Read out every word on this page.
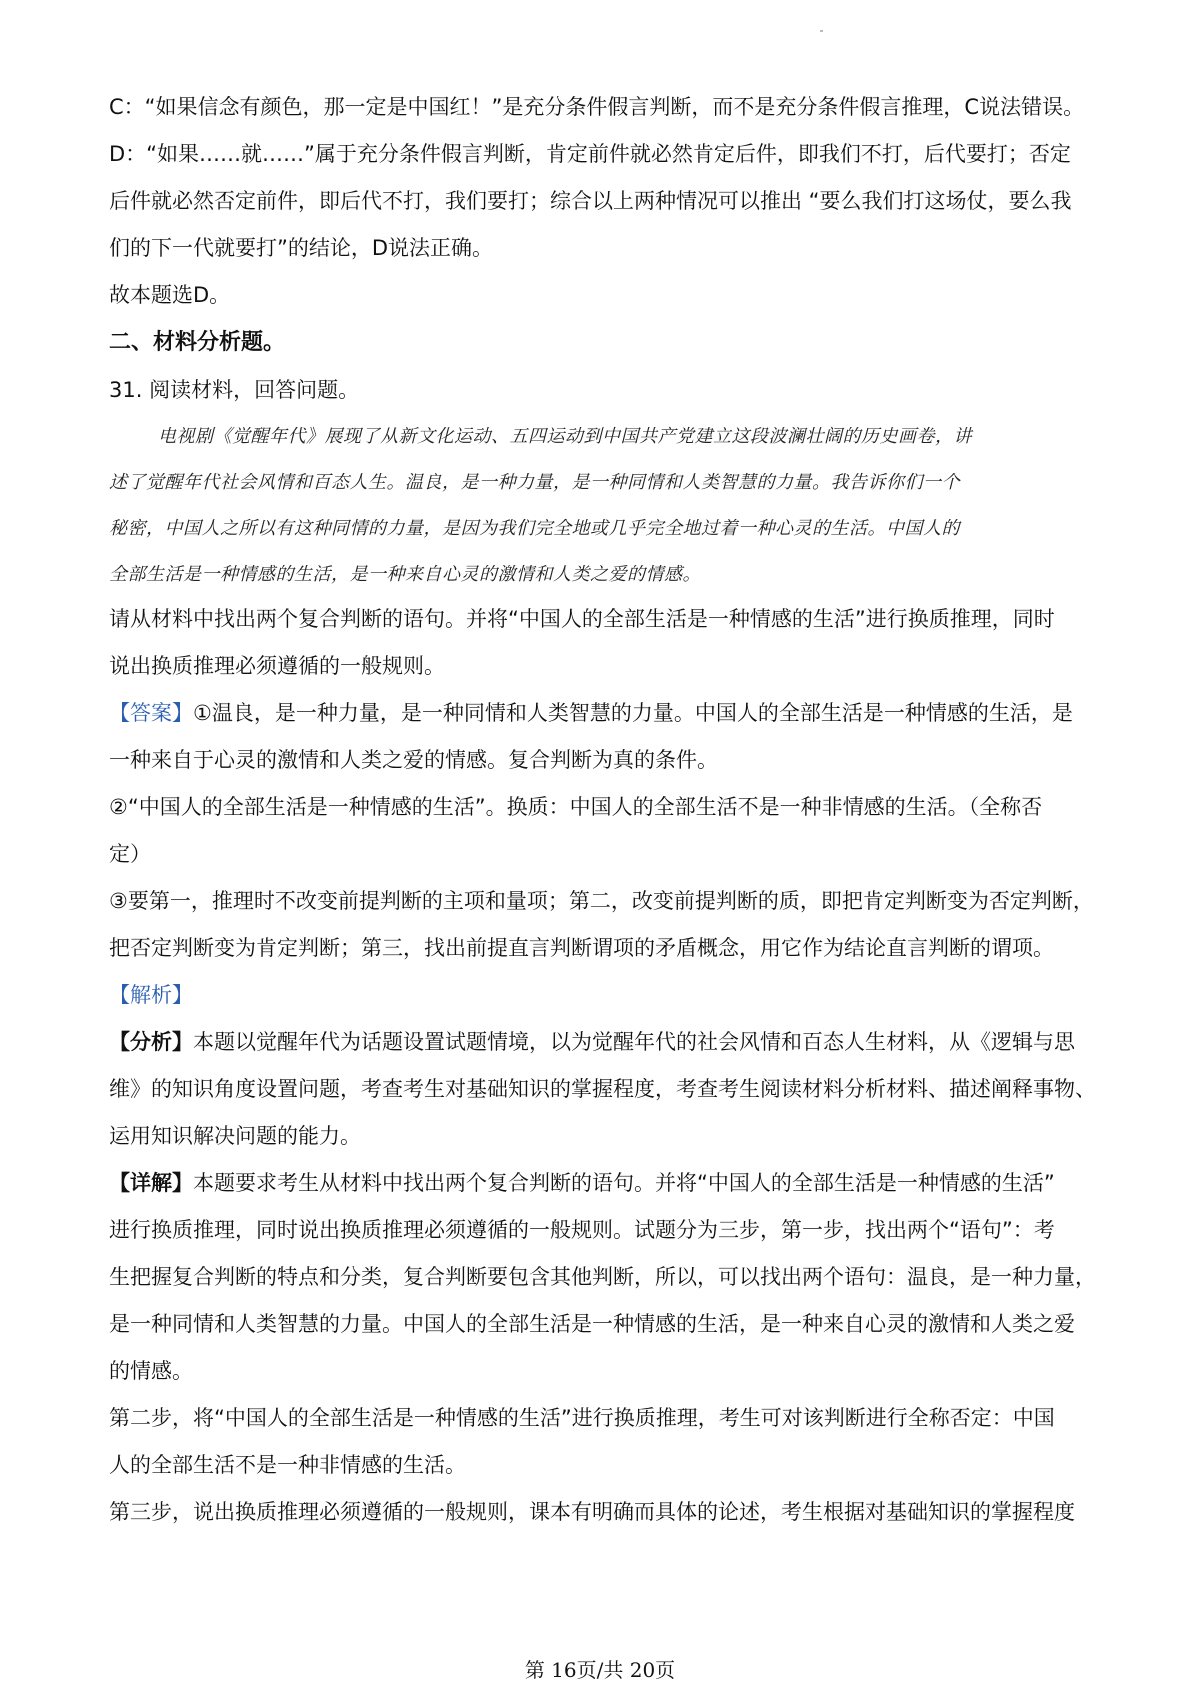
C：“如果信念有颜色，那一定是中国红！”是充分条件假言判断，而不是充分条件假言推理，C说法错误。
D：“如果……就……”属于充分条件假言判断，肯定前件就必然肯定后件，即我们不打，后代要打；否定
后件就必然否定前件，即后代不打，我们要打；综合以上两种情况可以推出 “要么我们打这场仗，要么我
们的下一代就要打”的结论，D说法正确。
故本题选D。
二、材料分析题。
31. 阅读材料，回答问题。
电视剧《觉醒年代》展现了从新文化运动、五四运动到中国共产党建立这段波澜壮阔的历史画卷，讲
述了觉醒年代社会风情和百态人生。温良，是一种力量，是一种同情和人类智慧的力量。我告诉你们一个
秘密，中国人之所以有这种同情的力量，是因为我们完全地或几乎完全地过着一种心灵的生活。中国人的
全部生活是一种情感的生活，是一种来自心灵的激情和人类之爱的情感。
请从材料中找出两个复合判断的语句。并将“中国人的全部生活是一种情感的生活”进行换质推理，同时
说出换质推理必须遵循的一般规则。
【答案】①温良，是一种力量，是一种同情和人类智慧的力量。中国人的全部生活是一种情感的生活，是
一种来自于心灵的激情和人类之爱的情感。复合判断为真的条件。
②“中国人的全部生活是一种情感的生活”。换质：中国人的全部生活不是一种非情感的生活。（全称否
定）
③要第一，推理时不改变前提判断的主项和量项；第二，改变前提判断的质，即把肯定判断变为否定判断，
把否定判断变为肯定判断；第三，找出前提直言判断谓项的矛盾概念，用它作为结论直言判断的谓项。
【解析】
【分析】本题以觉醒年代为话题设置试题情境，以为觉醒年代的社会风情和百态人生材料，从《逻辑与思
维》的知识角度设置问题，考查考生对基础知识的掌握程度，考查考生阅读材料分析材料、描述阐释事物、
运用知识解决问题的能力。
【详解】本题要求考生从材料中找出两个复合判断的语句。并将“中国人的全部生活是一种情感的生活”
进行换质推理，同时说出换质推理必须遵循的一般规则。试题分为三步，第一步，找出两个“语句”：考
生把握复合判断的特点和分类，复合判断要包含其他判断，所以，可以找出两个语句：温良，是一种力量，
是一种同情和人类智慧的力量。中国人的全部生活是一种情感的生活，是一种来自心灵的激情和人类之爱
的情感。
第二步，将“中国人的全部生活是一种情感的生活”进行换质推理，考生可对该判断进行全称否定：中国
人的全部生活不是一种非情感的生活。
第三步，说出换质推理必须遵循的一般规则，课本有明确而具体的论述，考生根据对基础知识的掌握程度
第 16页/共 20页
